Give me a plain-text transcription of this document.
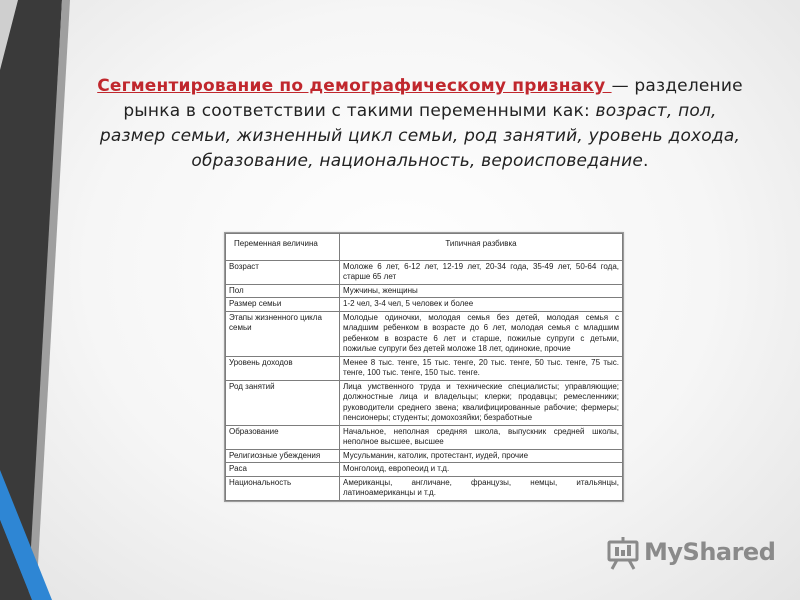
Сегментирование по демографическому признаку — разделение рынка в соответствии с такими переменными как: возраст, пол, размер семьи, жизненный цикл семьи, род занятий, уровень дохода, образование, национальность, вероисповедание.
Переменная величина	Типичная разбивка
Возраст	Моложе 6 лет, 6-12 лет, 12-19 лет, 20-34 года, 35-49 лет, 50-64 года, старше 65 лет
Пол	Мужчины, женщины
Размер семьи	1-2 чел, 3-4 чел, 5 человек и более
Этапы жизненного цикла семьи	Молодые одиночки, молодая семья без детей, молодая семья с младшим ребенком в возрасте до 6 лет, молодая семья с младшим ребенком в возрасте 6 лет и старше, пожилые супруги с детьми, пожилые супруги без детей моложе 18 лет, одинокие, прочие
Уровень доходов	Менее 8 тыс. тенге, 15 тыс. тенге, 20 тыс. тенге, 50 тыс. тенге, 75 тыс. тенге, 100 тыс. тенге, 150 тыс. тенге.
Род занятий	Лица умственного труда и технические специалисты; управляющие; должностные лица и владельцы; клерки; продавцы; ремесленники; руководители среднего звена; квалифицированные рабочие; фермеры; пенсионеры; студенты; домохозяйки; безработные
Образование	Начальное, неполная средняя школа, выпускник средней школы, неполное высшее, высшее
Религиозные убеждения	Мусульманин, католик, протестант, иудей, прочие
Раса	Монголоид, европеоид и т.д.
Национальность	Американцы, англичане, французы, немцы, итальянцы, латиноамериканцы и т.д.
MyShared
